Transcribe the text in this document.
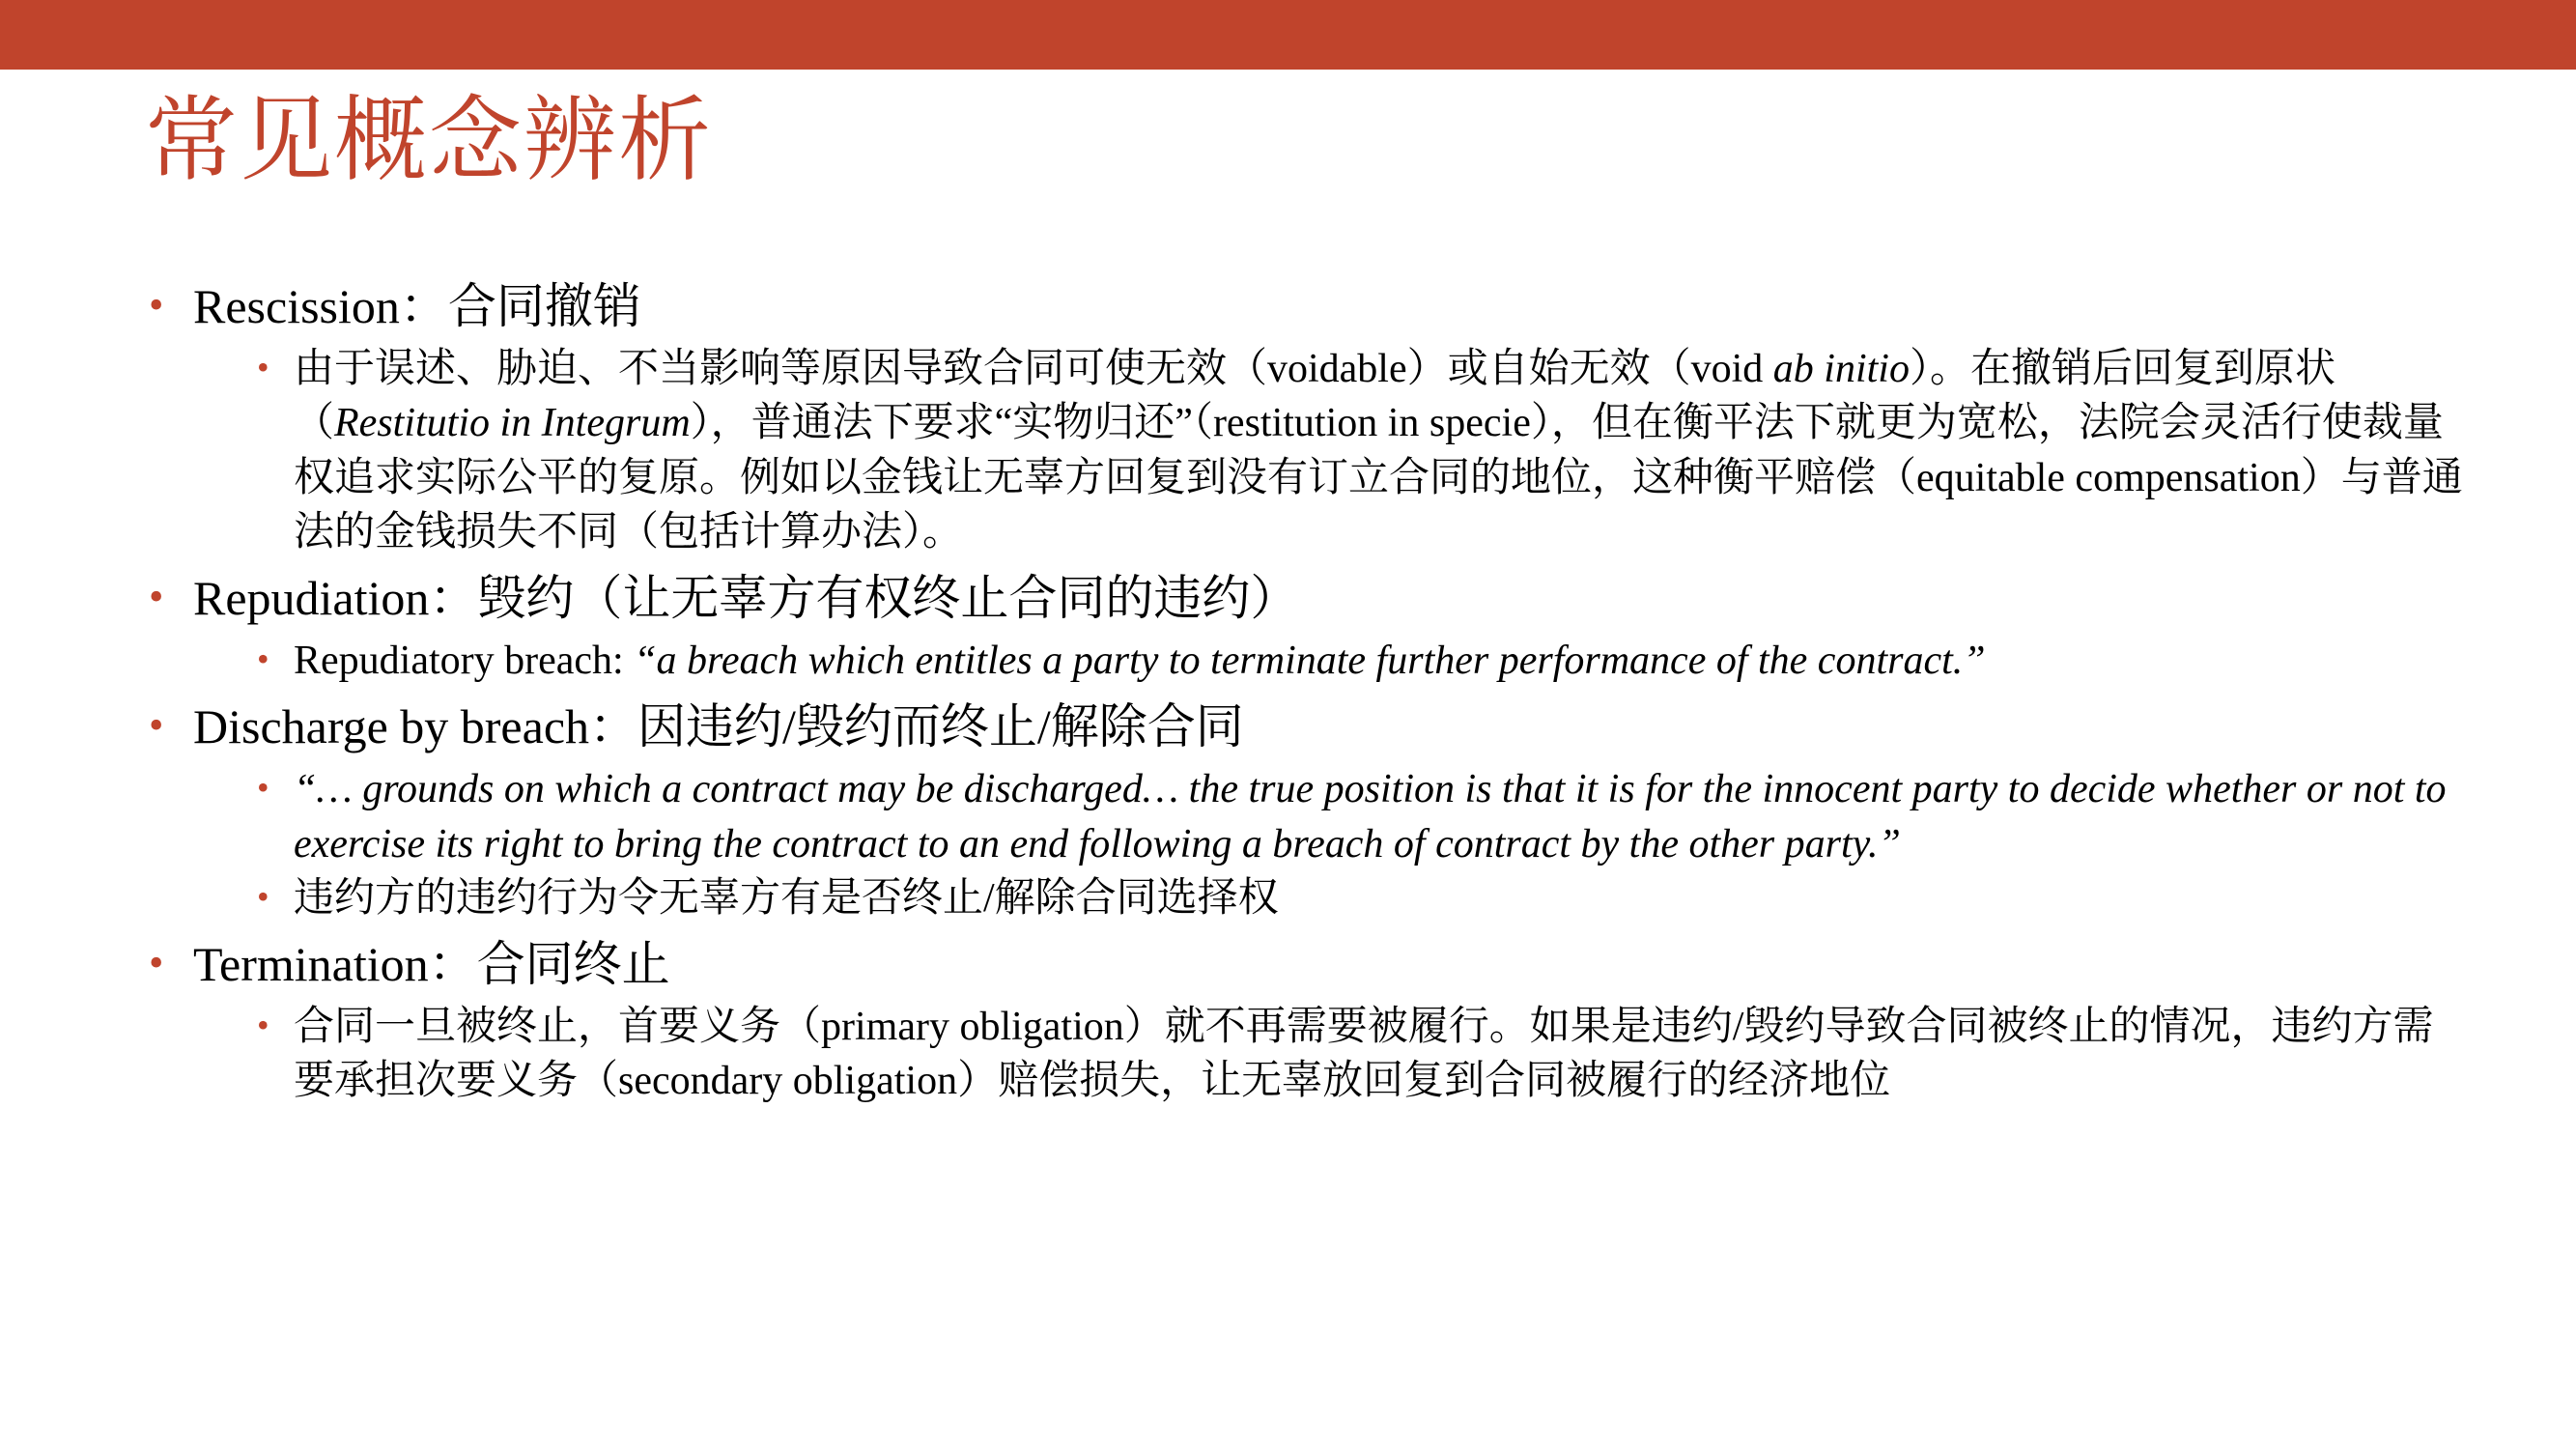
常见概念辨析
• Rescission：合同撤销
• 由于误述、胁迫、不当影响等原因导致合同可使无效（voidable）或自始无效（void ab initio）。在撤销后回复到原状（Restitutio in Integrum），普通法下要求“实物归还”（restitution in specie），但在衡平法下就更为宽松，法院会灵活行使裁量权追求实际公平的复原。例如以金钱让无辜方回复到没有订立合同的地位，这种衡平赔偿（equitable compensation）与普通法的金钱损失不同（包括计算办法）。
• Repudiation：毁约（让无辜方有权终止合同的违约）
• Repudiatory breach: “a breach which entitles a party to terminate further performance of the contract.”
• Discharge by breach：因违约/毁约而终止/解除合同
• “… grounds on which a contract may be discharged… the true position is that it is for the innocent party to decide whether or not to exercise its right to bring the contract to an end following a breach of contract by the other party.”
• 违约方的违约行为令无辜方有是否终止/解除合同选择权
• Termination：合同终止
• 合同一旦被终止，首要义务（primary obligation）就不再需要被履行。如果是违约/毁约导致合同被终止的情况，违约方需要承担次要义务（secondary obligation）赔偿损失，让无辜放回复到合同被履行的经济地位
